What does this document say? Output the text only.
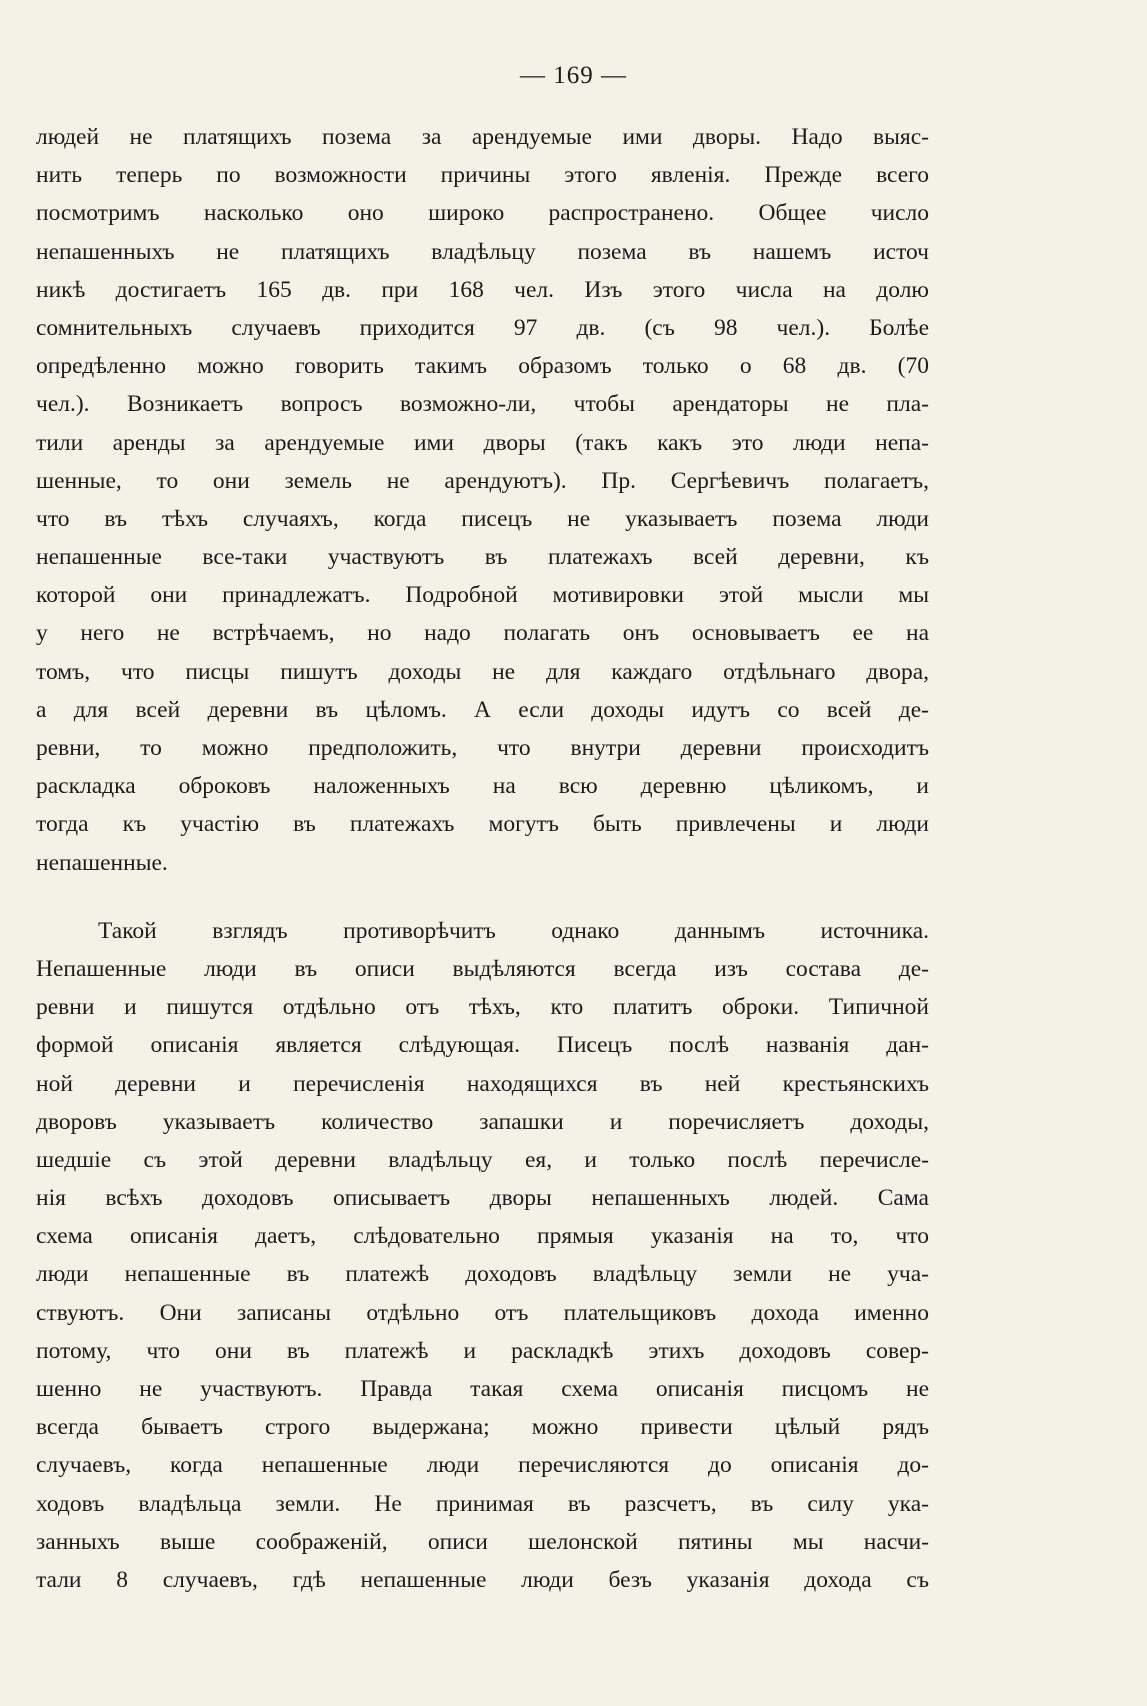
— 169 —
людей не платящихъ позема за арендуемые ими дворы. Надо выяс-
нить теперь по возможности причины этого явленія. Прежде всего
посмотримъ насколько оно широко распространено. Общее число
непашенныхъ не платящихъ владѣльцу позема въ нашемъ источ
никѣ достигаетъ 165 дв. при 168 чел. Изъ этого числа на долю
сомнительныхъ случаевъ приходится 97 дв. (съ 98 чел.). Болѣе
опредѣленно можно говорить такимъ образомъ только о 68 дв. (70
чел.). Возникаетъ вопросъ возможно-ли, чтобы арендаторы не пла-
тили аренды за арендуемые ими дворы (такъ какъ это люди непа-
шенные, то они земель не арендуютъ). Пр. Сергѣевичъ полагаетъ,
что въ тѣхъ случаяхъ, когда писецъ не указываетъ позема люди
непашенные все-таки участвуютъ въ платежахъ всей деревни, къ
которой они принадлежатъ. Подробной мотивировки этой мысли мы
у него не встрѣчаемъ, но надо полагать онъ основываетъ ее на
томъ, что писцы пишутъ доходы не для каждаго отдѣльнаго двора,
а для всей деревни въ цѣломъ. А если доходы идутъ со всей де-
ревни, то можно предположить, что внутри деревни происходитъ
раскладка оброковъ наложенныхъ на всю деревню цѣликомъ, и
тогда къ участію въ платежахъ могутъ быть привлечены и люди
непашенные.
Такой взглядъ противорѣчитъ однако даннымъ источника.
Непашенные люди въ описи выдѣляются всегда изъ состава де-
ревни и пишутся отдѣльно отъ тѣхъ, кто платитъ оброки. Типичной
формой описанія является слѣдующая. Писецъ послѣ названія дан-
ной деревни и перечисленія находящихся въ ней крестьянскихъ
дворовъ указываетъ количество запашки и поречисляетъ доходы,
шедшіе съ этой деревни владѣльцу ея, и только послѣ перечисле-
нія всѣхъ доходовъ описываетъ дворы непашенныхъ людей. Сама
схема описанія даетъ, слѣдовательно прямыя указанія на то, что
люди непашенные въ платежѣ доходовъ владѣльцу земли не уча-
ствуютъ. Они записаны отдѣльно отъ плательщиковъ дохода именно
потому, что они въ платежѣ и раскладкѣ этихъ доходовъ совер-
шенно не участвуютъ. Правда такая схема описанія писцомъ не
всегда бываетъ строго выдержана; можно привести цѣлый рядъ
случаевъ, когда непашенные люди перечисляются до описанія до-
ходовъ владѣльца земли. Не принимая въ разсчетъ, въ силу ука-
занныхъ выше соображеній, описи шелонской пятины мы насчи-
тали 8 случаевъ, гдѣ непашенные люди безъ указанія дохода съ
